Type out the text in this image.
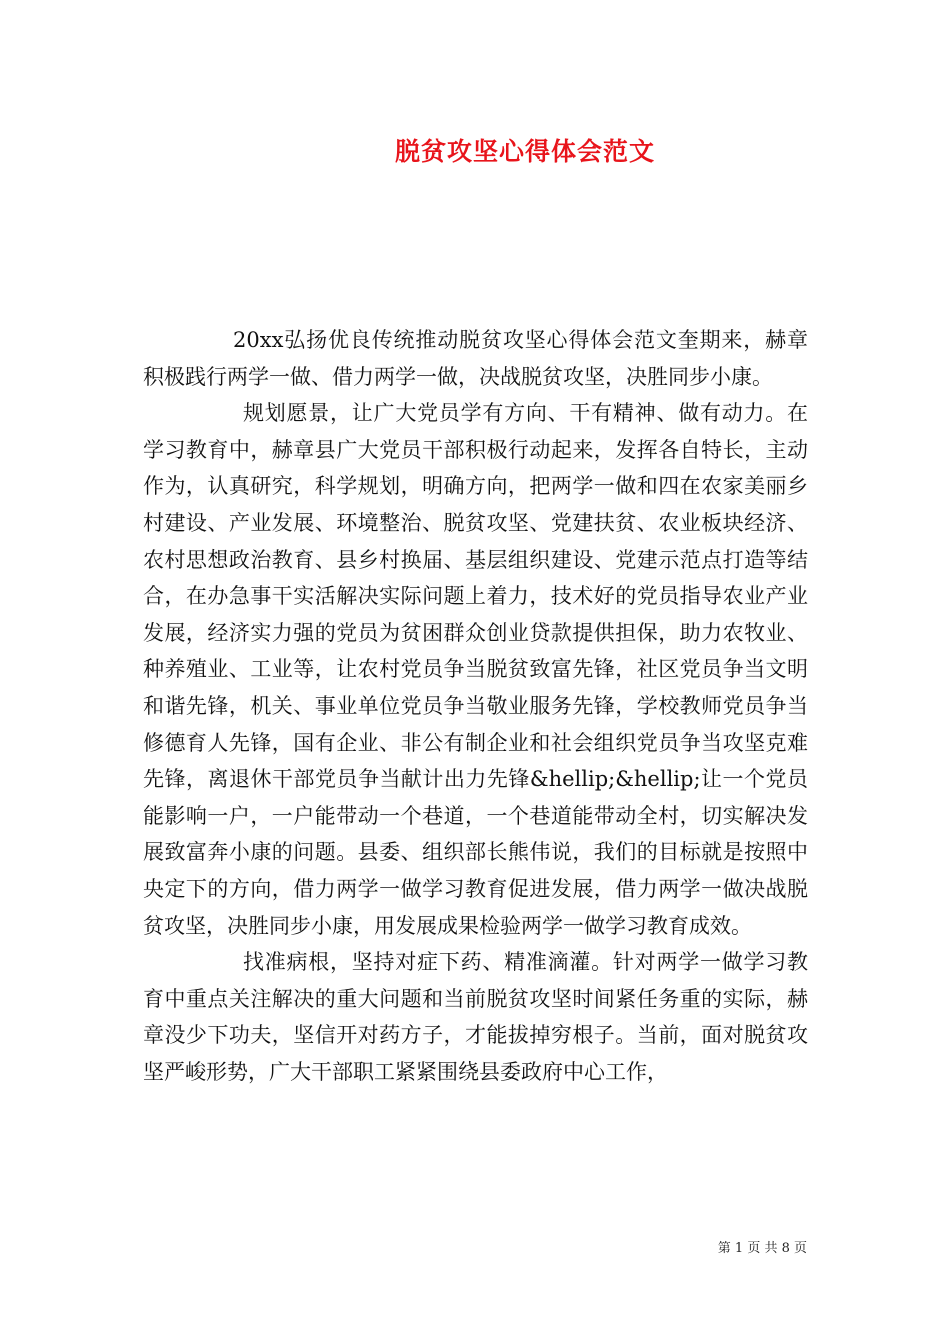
脱贫攻坚心得体会范文

20xx弘扬优良传统推动脱贫攻坚心得体会范文奎期来，赫章积极践行两学一做、借力两学一做，决战脱贫攻坚，决胜同步小康。

规划愿景，让广大党员学有方向、干有精神、做有动力。在学习教育中，赫章县广大党员干部积极行动起来，发挥各自特长，主动作为，认真研究，科学规划，明确方向，把两学一做和四在农家美丽乡村建设、产业发展、环境整治、脱贫攻坚、党建扶贫、农业板块经济、农村思想政治教育、县乡村换届、基层组织建设、党建示范点打造等结合，在办急事干实活解决实际问题上着力，技术好的党员指导农业产业发展，经济实力强的党员为贫困群众创业贷款提供担保，助力农牧业、种养殖业、工业等，让农村党员争当脱贫致富先锋，社区党员争当文明和谐先锋，机关、事业单位党员争当敬业服务先锋，学校教师党员争当修德育人先锋，国有企业、非公有制企业和社会组织党员争当攻坚克难先锋，离退休干部党员争当献计出力先锋&hellip;&hellip;让一个党员能影响一户，一户能带动一个巷道，一个巷道能带动全村，切实解决发展致富奔小康的问题。县委、组织部长熊伟说，我们的目标就是按照中央定下的方向，借力两学一做学习教育促进发展，借力两学一做决战脱贫攻坚，决胜同步小康，用发展成果检验两学一做学习教育成效。

找准病根，坚持对症下药、精准滴灌。针对两学一做学习教育中重点关注解决的重大问题和当前脱贫攻坚时间紧任务重的实际，赫章没少下功夫，坚信开对药方子，才能拔掉穷根子。当前，面对脱贫攻坚严峻形势，广大干部职工紧紧围绕县委政府中心工作，

第 1 页 共 8 页
